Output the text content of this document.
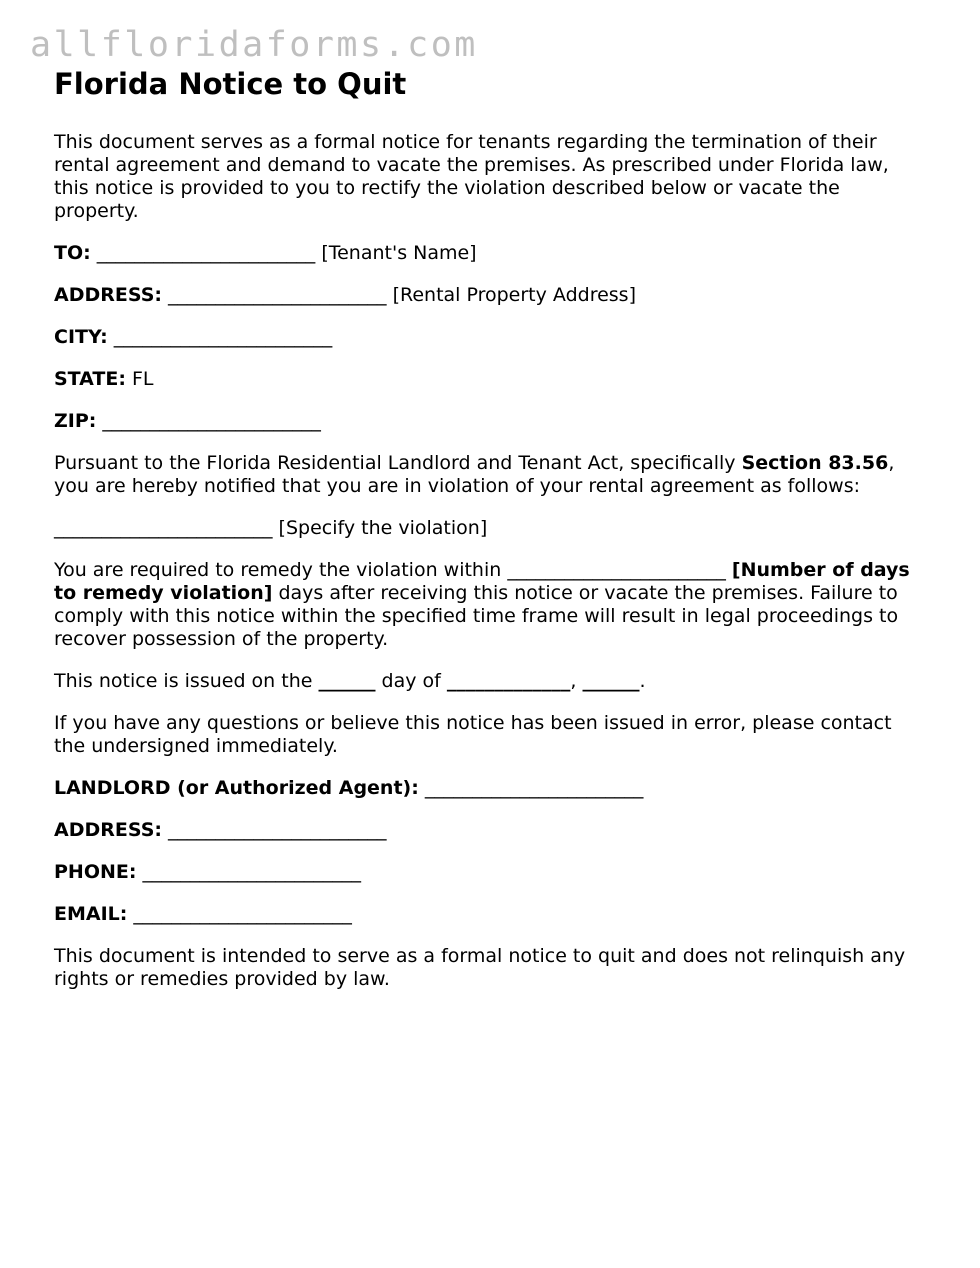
allfloridaforms.com
Florida Notice to Quit

This document serves as a formal notice for tenants regarding the termination of their rental agreement and demand to vacate the premises. As prescribed under Florida law, this notice is provided to you to rectify the violation described below or vacate the property.

TO: _______________________ [Tenant's Name]

ADDRESS: _______________________ [Rental Property Address]

CITY: _______________________

STATE: FL

ZIP: _______________________

Pursuant to the Florida Residential Landlord and Tenant Act, specifically Section 83.56, you are hereby notified that you are in violation of your rental agreement as follows:

_______________________ [Specify the violation]

You are required to remedy the violation within _______________________ [Number of days to remedy violation] days after receiving this notice or vacate the premises. Failure to comply with this notice within the specified time frame will result in legal proceedings to recover possession of the property.

This notice is issued on the ______ day of _____________, ______.

If you have any questions or believe this notice has been issued in error, please contact the undersigned immediately.

LANDLORD (or Authorized Agent): _______________________

ADDRESS: _______________________

PHONE: _______________________

EMAIL: _______________________

This document is intended to serve as a formal notice to quit and does not relinquish any rights or remedies provided by law.
